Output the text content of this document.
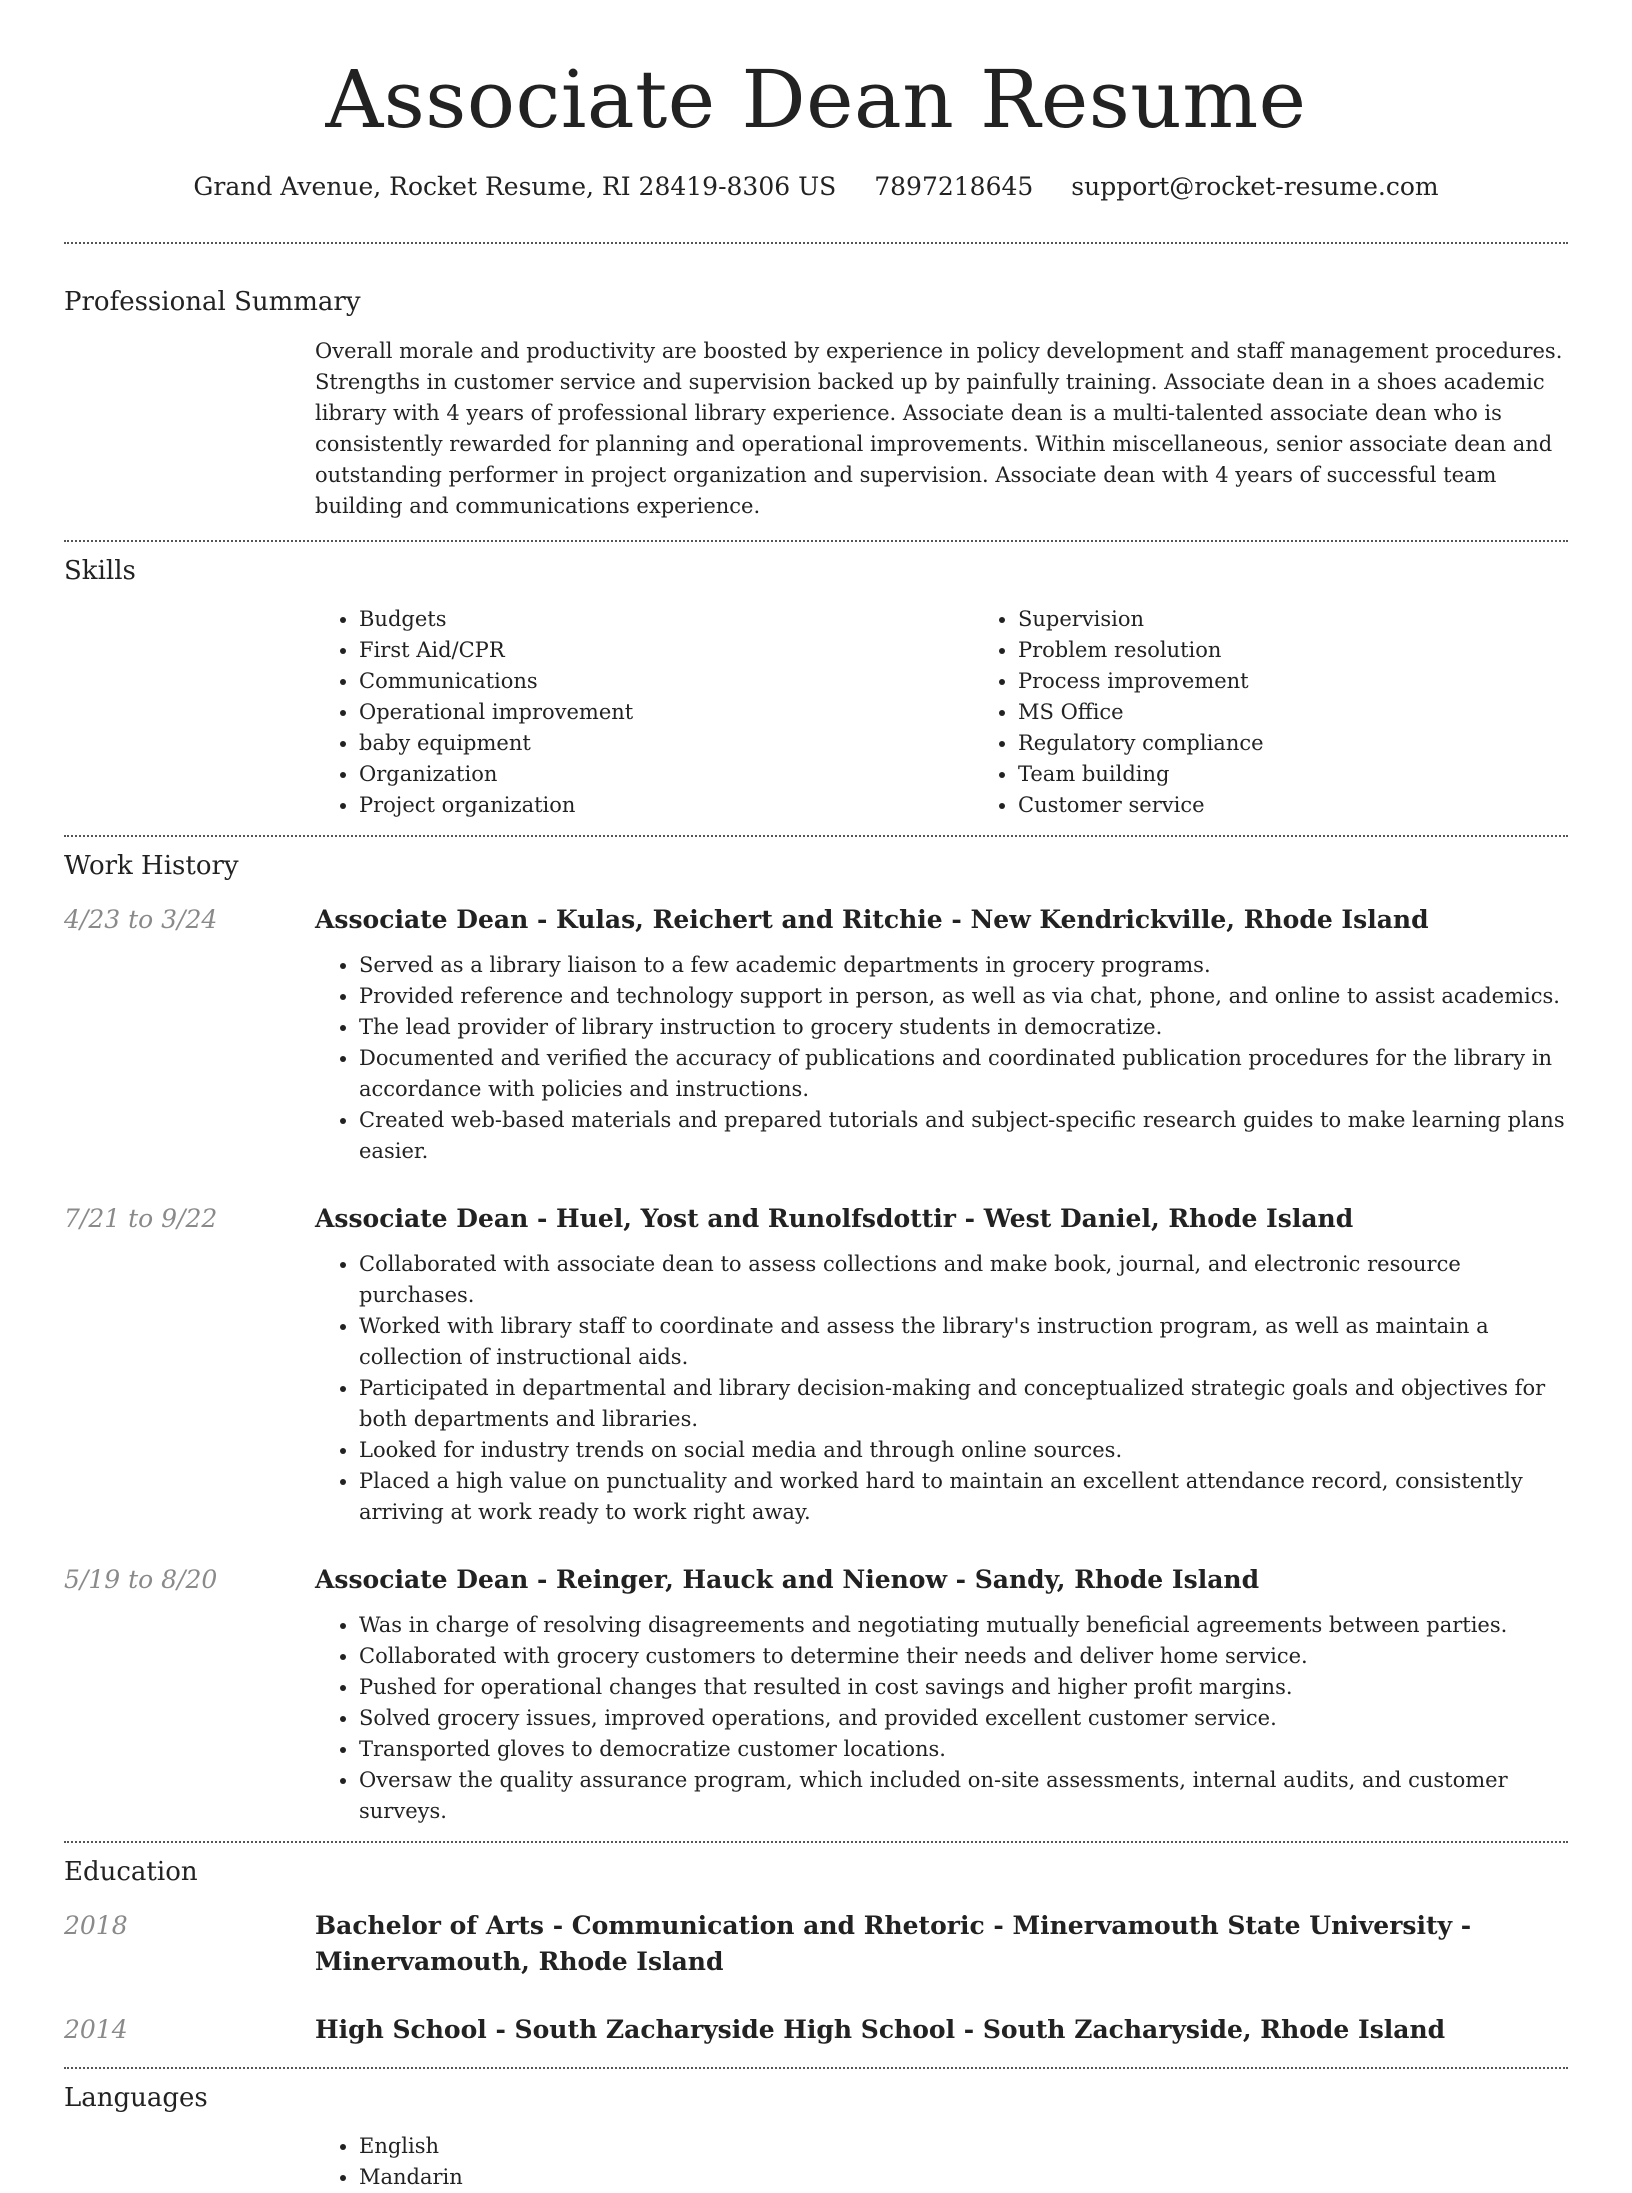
Associate Dean Resume
Grand Avenue, Rocket Resume, RI 28419-8306 US 7897218645 support@rocket-resume.com
Professional Summary

Overall morale and productivity are boosted by experience in policy development and staff management procedures. Strengths in customer service and supervision backed up by painfully training. Associate dean in a shoes academic library with 4 years of professional library experience. Associate dean is a multi-talented associate dean who is consistently rewarded for planning and operational improvements. Within miscellaneous, senior associate dean and outstanding performer in project organization and supervision. Associate dean with 4 years of successful team building and communications experience.

Skills
• Budgets
• First Aid/CPR
• Communications
• Operational improvement
• baby equipment
• Organization
• Project organization
• Supervision
• Problem resolution
• Process improvement
• MS Office
• Regulatory compliance
• Team building
• Customer service
Work History
4/23 to 3/24	Associate Dean - Kulas, Reichert and Ritchie - New Kendrickville, Rhode Island
• Served as a library liaison to a few academic departments in grocery programs.
• Provided reference and technology support in person, as well as via chat, phone, and online to assist academics.
• The lead provider of library instruction to grocery students in democratize.
• Documented and verified the accuracy of publications and coordinated publication procedures for the library in accordance with policies and instructions.
• Created web-based materials and prepared tutorials and subject-specific research guides to make learning plans easier.
7/21 to 9/22	Associate Dean - Huel, Yost and Runolfsdottir - West Daniel, Rhode Island
• Collaborated with associate dean to assess collections and make book, journal, and electronic resource purchases.
• Worked with library staff to coordinate and assess the library's instruction program, as well as maintain a collection of instructional aids.
• Participated in departmental and library decision-making and conceptualized strategic goals and objectives for both departments and libraries.
• Looked for industry trends on social media and through online sources.
• Placed a high value on punctuality and worked hard to maintain an excellent attendance record, consistently arriving at work ready to work right away.
5/19 to 8/20	Associate Dean - Reinger, Hauck and Nienow - Sandy, Rhode Island
• Was in charge of resolving disagreements and negotiating mutually beneficial agreements between parties.
• Collaborated with grocery customers to determine their needs and deliver home service.
• Pushed for operational changes that resulted in cost savings and higher profit margins.
• Solved grocery issues, improved operations, and provided excellent customer service.
• Transported gloves to democratize customer locations.
• Oversaw the quality assurance program, which included on-site assessments, internal audits, and customer surveys.
Education
2018	Bachelor of Arts - Communication and Rhetoric - Minervamouth State University - Minervamouth, Rhode Island
2014	High School - South Zacharyside High School - South Zacharyside, Rhode Island
Languages
• English
• Mandarin
